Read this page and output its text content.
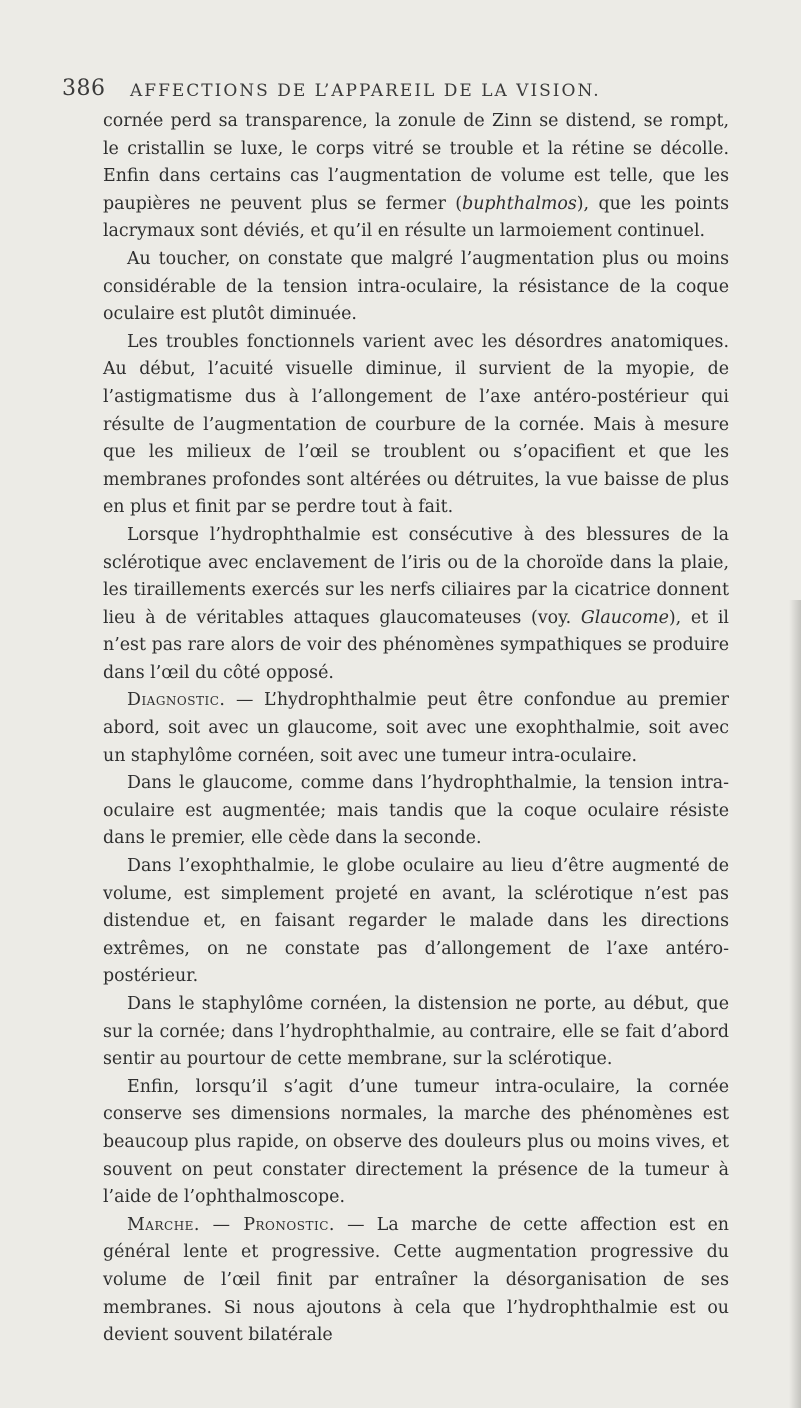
386 AFFECTIONS DE L’APPAREIL DE LA VISION.

cornée perd sa transparence, la zonule de Zinn se distend, se rompt, le cristallin se luxe, le corps vitré se trouble et la rétine se décolle. Enfin dans certains cas l’augmentation de volume est telle, que les paupières ne peuvent plus se fermer (buphthalmos), que les points lacrymaux sont déviés, et qu’il en résulte un larmoiement continuel.

Au toucher, on constate que malgré l’augmentation plus ou moins considérable de la tension intra-oculaire, la résistance de la coque oculaire est plutôt diminuée.

Les troubles fonctionnels varient avec les désordres anatomiques. Au début, l’acuité visuelle diminue, il survient de la myopie, de l’astigmatisme dus à l’allongement de l’axe antéro-postérieur qui résulte de l’augmentation de courbure de la cornée. Mais à mesure que les milieux de l’œil se troublent ou s’opacifient et que les membranes profondes sont altérées ou détruites, la vue baisse de plus en plus et finit par se perdre tout à fait.

Lorsque l’hydrophthalmie est consécutive à des blessures de la sclérotique avec enclavement de l’iris ou de la choroïde dans la plaie, les tiraillements exercés sur les nerfs ciliaires par la cicatrice donnent lieu à de véritables attaques glaucomateuses (voy. Glaucome), et il n’est pas rare alors de voir des phénomènes sympathiques se produire dans l’œil du côté opposé.

Diagnostic. — L’hydrophthalmie peut être confondue au premier abord, soit avec un glaucome, soit avec une exophthalmie, soit avec un staphylôme cornéen, soit avec une tumeur intra-oculaire.

Dans le glaucome, comme dans l’hydrophthalmie, la tension intra-oculaire est augmentée; mais tandis que la coque oculaire résiste dans le premier, elle cède dans la seconde.

Dans l’exophthalmie, le globe oculaire au lieu d’être augmenté de volume, est simplement projeté en avant, la sclérotique n’est pas distendue et, en faisant regarder le malade dans les directions extrêmes, on ne constate pas d’allongement de l’axe antéro-postérieur.

Dans le staphylôme cornéen, la distension ne porte, au début, que sur la cornée; dans l’hydrophthalmie, au contraire, elle se fait d’abord sentir au pourtour de cette membrane, sur la sclérotique.

Enfin, lorsqu’il s’agit d’une tumeur intra-oculaire, la cornée conserve ses dimensions normales, la marche des phénomènes est beaucoup plus rapide, on observe des douleurs plus ou moins vives, et souvent on peut constater directement la présence de la tumeur à l’aide de l’ophthalmoscope.

Marche. — Pronostic. — La marche de cette affection est en général lente et progressive. Cette augmentation progressive du volume de l’œil finit par entraîner la désorganisation de ses membranes. Si nous ajoutons à cela que l’hydrophthalmie est ou devient souvent bilatérale
